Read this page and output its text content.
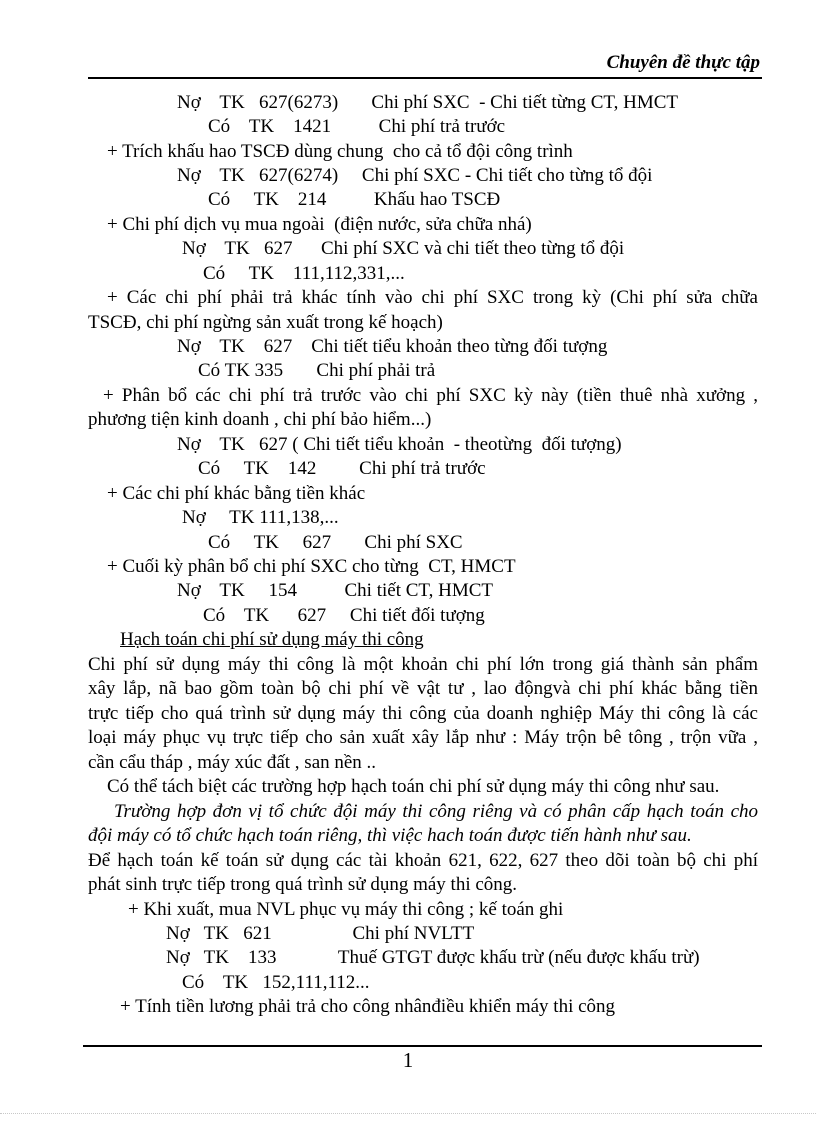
Chuyên đề thực tập
Nợ    TK   627(6273)       Chi phí SXC  - Chi tiết từng CT, HMCT
Có    TK    1421          Chi phí trả trước
+ Trích khấu hao TSCĐ dùng chung  cho cả tổ đội công trình
Nợ    TK   627(6274)     Chi phí SXC - Chi tiết cho từng tổ đội
Có     TK    214          Khấu hao TSCĐ
+ Chi phí dịch vụ mua ngoài  (điện nước, sửa chữa nhá)
Nợ    TK   627      Chi phí SXC và chi tiết theo từng tổ đội
Có     TK    111,112,331,...
+ Các chi phí phải trả khác tính vào chi phí SXC trong kỳ (Chi phí sửa chữa
TSCĐ, chi phí ngừng sản xuất trong kế hoạch)
Nợ    TK    627    Chi tiết tiểu khoản theo từng đối tượng
Có TK 335       Chi phí phải trả
+ Phân bổ các chi phí trả trước vào chi phí SXC kỳ này (tiền thuê nhà xưởng ,
phương tiện kinh doanh , chi phí bảo hiểm...)
Nợ    TK   627 ( Chi tiết tiểu khoản  - theotừng  đối tượng)
Có     TK    142         Chi phí trả trước
+ Các chi phí khác bằng tiền khác
Nợ     TK 111,138,...
Có     TK     627       Chi phí SXC
+ Cuối kỳ phân bổ chi phí SXC cho từng  CT, HMCT
Nợ    TK     154          Chi tiết CT, HMCT
Có    TK      627     Chi tiết đối tượng
Hạch toán chi phí sử dụng máy thi công
Chi phí sử dụng máy thi công là một khoản chi phí lớn trong giá thành sản phẩm
xây lắp, nã bao gồm toàn bộ chi phí về vật tư , lao độngvà chi phí khác bằng tiền
trực tiếp cho quá trình sử dụng máy thi công của doanh nghiệp Máy thi công là các
loại máy phục vụ trực tiếp cho sản xuất xây lắp như : Máy trộn bê tông , trộn vữa ,
cần cẩu tháp , máy xúc đất , san nền ..
Có thể tách biệt các trường hợp hạch toán chi phí sử dụng máy thi công như sau.
Trường hợp đơn vị tổ chức đội máy thi công riêng và có phân cấp hạch toán cho
đội máy có tổ chức hạch toán riêng, thì việc hach toán được tiến hành như sau.
Để hạch toán kế toán sử dụng các tài khoản 621, 622, 627 theo dõi toàn bộ chi phí
phát sinh trực tiếp trong quá trình sử dụng máy thi công.
+ Khi xuất, mua NVL phục vụ máy thi công ; kế toán ghi
Nợ   TK   621                 Chi phí NVLTT
Nợ   TK    133             Thuế GTGT được khấu trừ (nếu được khấu trừ)
Có    TK   152,111,112...
+ Tính tiền lương phải trả cho công nhânđiều khiển máy thi công
1
